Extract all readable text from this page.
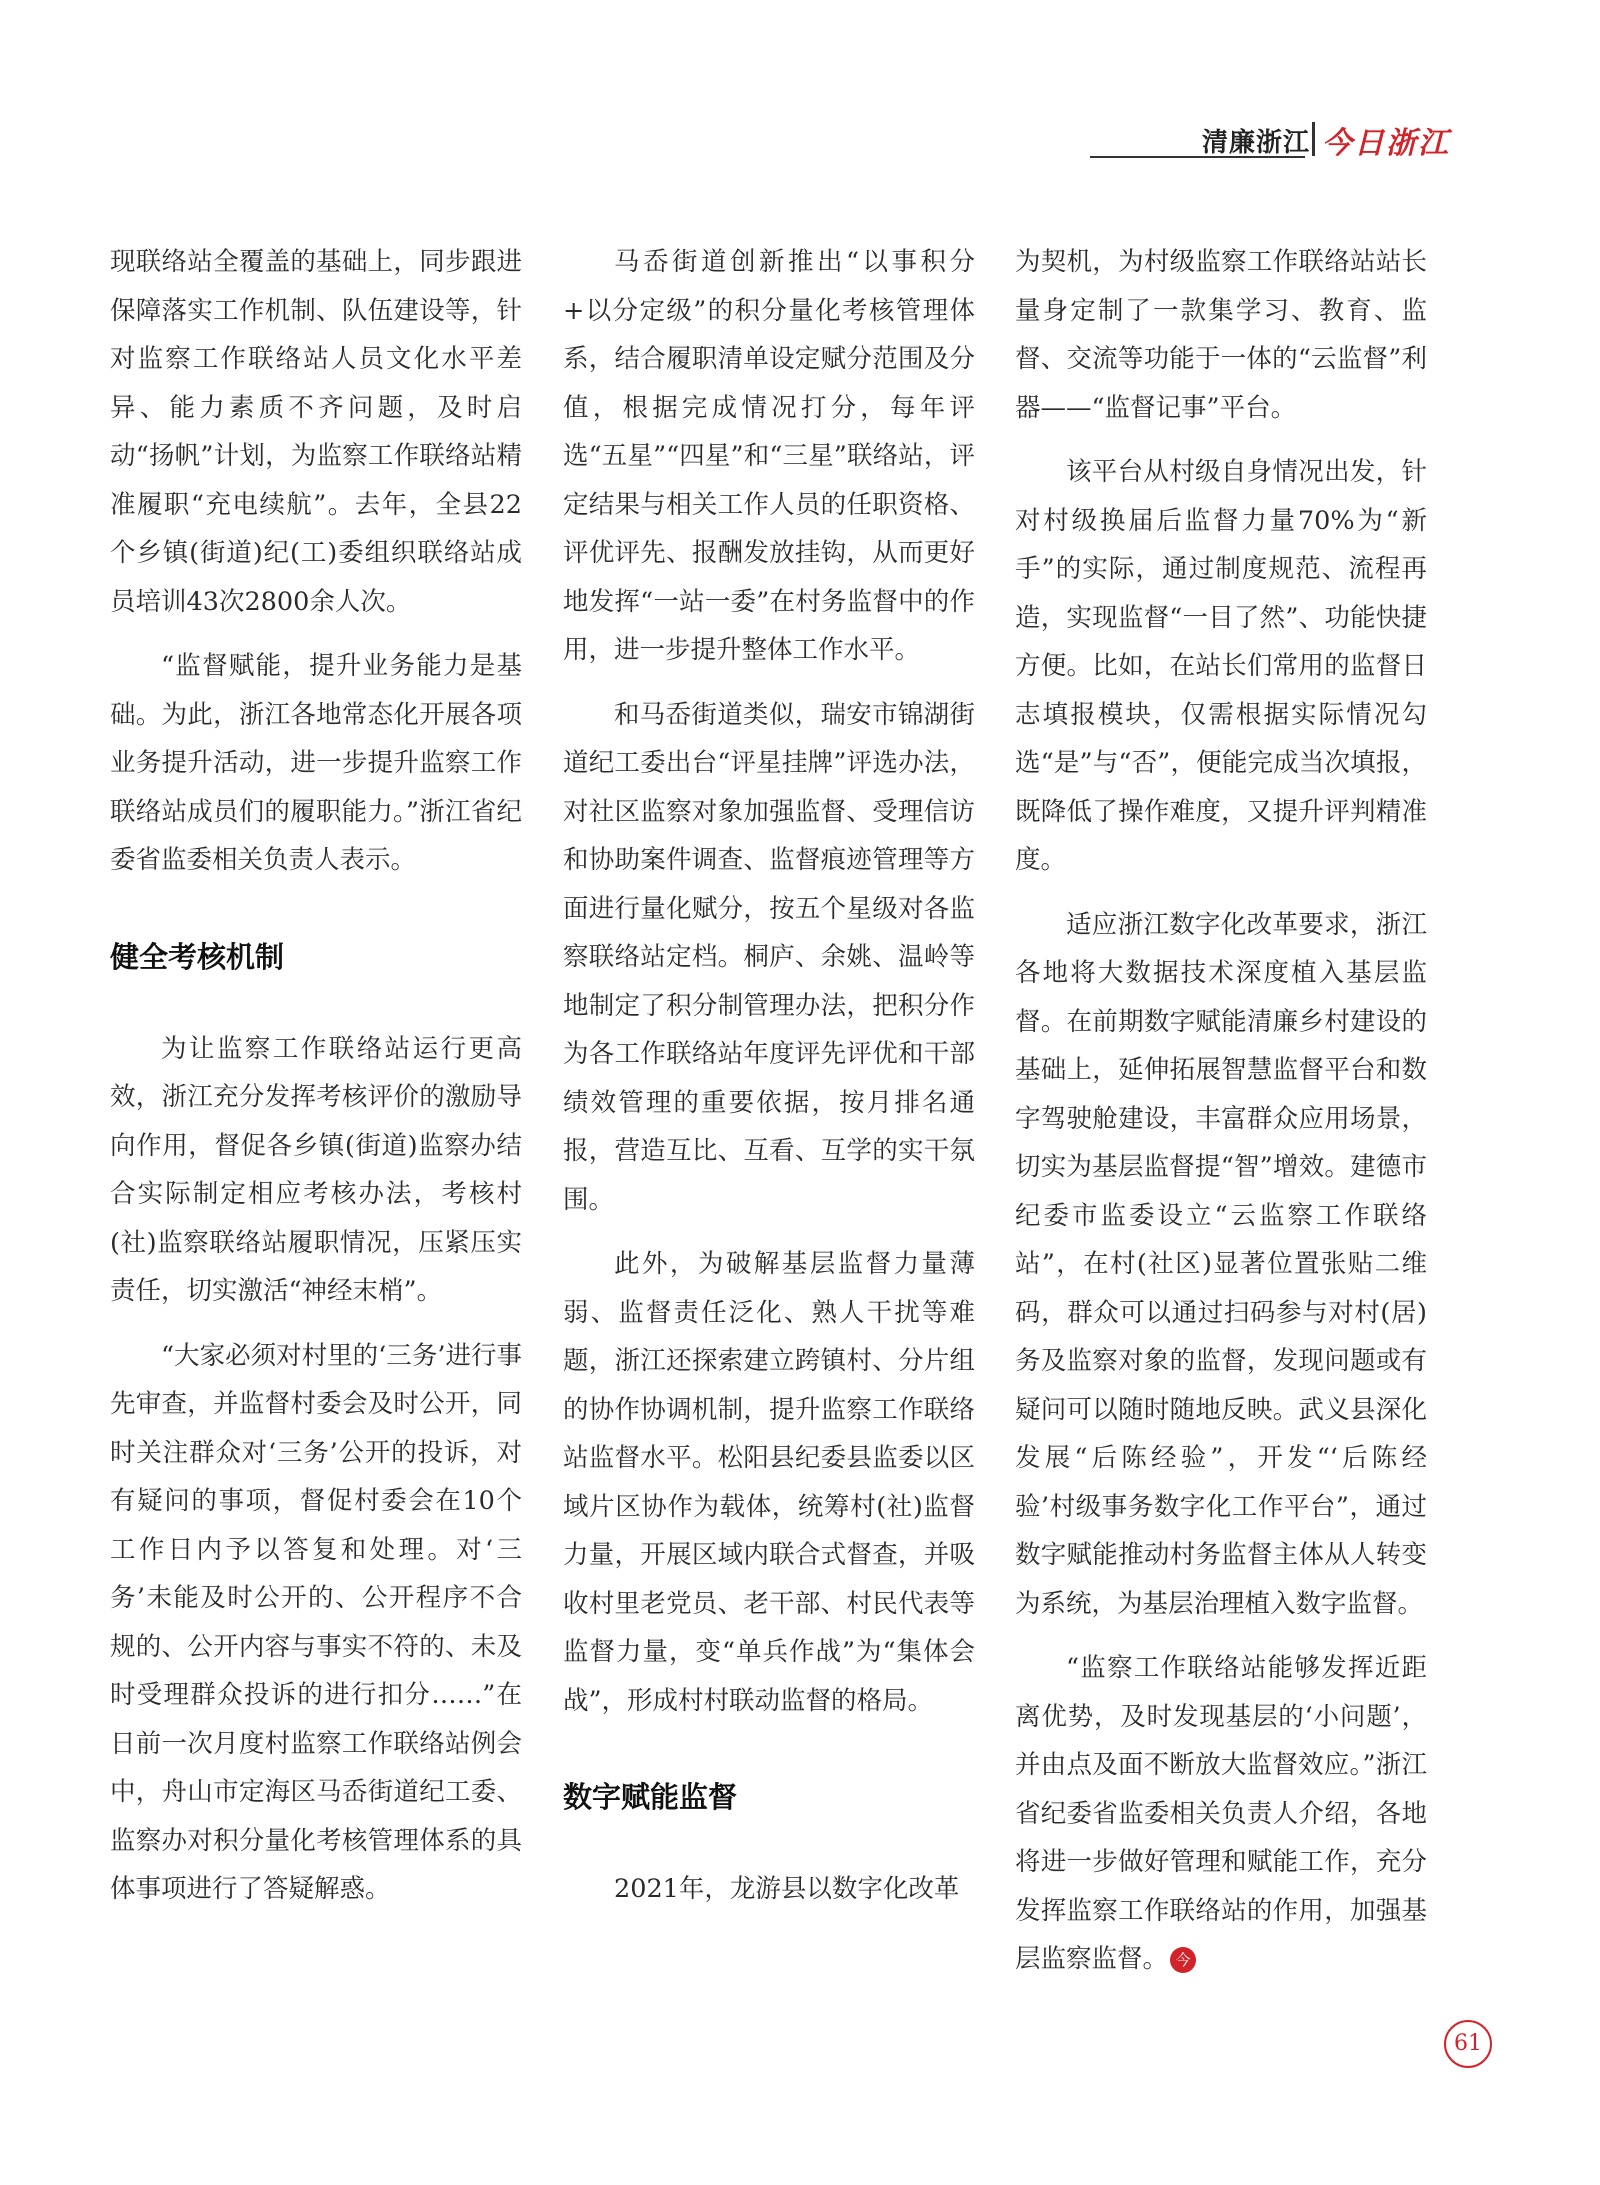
清廉浙江 今日浙江

现联络站全覆盖的基础上，同步跟进保障落实工作机制、队伍建设等，针对监察工作联络站人员文化水平差异、能力素质不齐问题，及时启动“扬帆”计划，为监察工作联络站精准履职“充电续航”。去年，全县22个乡镇(街道)纪(工)委组织联络站成员培训43次2800余人次。

“监督赋能，提升业务能力是基础。为此，浙江各地常态化开展各项业务提升活动，进一步提升监察工作联络站成员们的履职能力。”浙江省纪委省监委相关负责人表示。

健全考核机制

为让监察工作联络站运行更高效，浙江充分发挥考核评价的激励导向作用，督促各乡镇(街道)监察办结合实际制定相应考核办法，考核村(社)监察联络站履职情况，压紧压实责任，切实激活“神经末梢”。

“大家必须对村里的‘三务’进行事先审查，并监督村委会及时公开，同时关注群众对‘三务’公开的投诉，对有疑问的事项，督促村委会在10个工作日内予以答复和处理。对‘三务’未能及时公开的、公开程序不合规的、公开内容与事实不符的、未及时受理群众投诉的进行扣分……”在日前一次月度村监察工作联络站例会中，舟山市定海区马岙街道纪工委、监察办对积分量化考核管理体系的具体事项进行了答疑解惑。

马岙街道创新推出“以事积分+以分定级”的积分量化考核管理体系，结合履职清单设定赋分范围及分值，根据完成情况打分，每年评选“五星”“四星”和“三星”联络站，评定结果与相关工作人员的任职资格、评优评先、报酬发放挂钩，从而更好地发挥“一站一委”在村务监督中的作用，进一步提升整体工作水平。

和马岙街道类似，瑞安市锦湖街道纪工委出台“评星挂牌”评选办法，对社区监察对象加强监督、受理信访和协助案件调查、监督痕迹管理等方面进行量化赋分，按五个星级对各监察联络站定档。桐庐、余姚、温岭等地制定了积分制管理办法，把积分作为各工作联络站年度评先评优和干部绩效管理的重要依据，按月排名通报，营造互比、互看、互学的实干氛围。

此外，为破解基层监督力量薄弱、监督责任泛化、熟人干扰等难题，浙江还探索建立跨镇村、分片组的协作协调机制，提升监察工作联络站监督水平。松阳县纪委县监委以区域片区协作为载体，统筹村(社)监督力量，开展区域内联合式督查，并吸收村里老党员、老干部、村民代表等监督力量，变“单兵作战”为“集体会战”，形成村村联动监督的格局。

数字赋能监督

2021年，龙游县以数字化改革

为契机，为村级监察工作联络站站长量身定制了一款集学习、教育、监督、交流等功能于一体的“云监督”利器——“监督记事”平台。

该平台从村级自身情况出发，针对村级换届后监督力量70%为“新手”的实际，通过制度规范、流程再造，实现监督“一目了然”、功能快捷方便。比如，在站长们常用的监督日志填报模块，仅需根据实际情况勾选“是”与“否”，便能完成当次填报，既降低了操作难度，又提升评判精准度。

适应浙江数字化改革要求，浙江各地将大数据技术深度植入基层监督。在前期数字赋能清廉乡村建设的基础上，延伸拓展智慧监督平台和数字驾驶舱建设，丰富群众应用场景，切实为基层监督提“智”增效。建德市纪委市监委设立“云监察工作联络站”，在村(社区)显著位置张贴二维码，群众可以通过扫码参与对村(居)务及监察对象的监督，发现问题或有疑问可以随时随地反映。武义县深化发展“后陈经验”，开发“‘后陈经验’村级事务数字化工作平台”，通过数字赋能推动村务监督主体从人转变为系统，为基层治理植入数字监督。

“监察工作联络站能够发挥近距离优势，及时发现基层的‘小问题’，并由点及面不断放大监督效应。”浙江省纪委省监委相关负责人介绍，各地将进一步做好管理和赋能工作，充分发挥监察工作联络站的作用，加强基层监察监督。 今

61
